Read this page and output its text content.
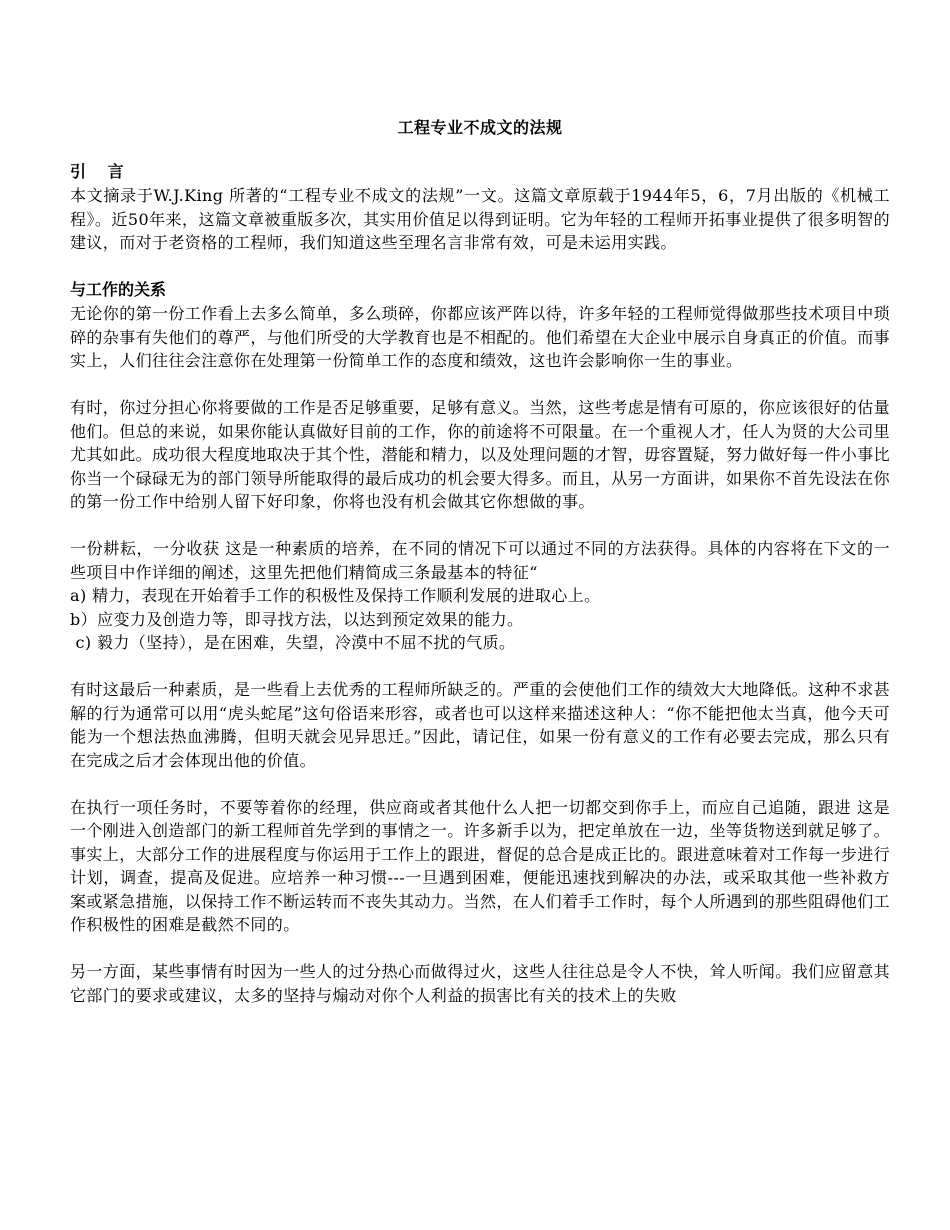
工程专业不成文的法规
引 言

本文摘录于W.J.King 所著的“工程专业不成文的法规”一文。这篇文章原载于1944年5，6，7月出版的《机械工程》。近50年来，这篇文章被重版多次，其实用价值足以得到证明。它为年轻的工程师开拓事业提供了很多明智的建议，而对于老资格的工程师，我们知道这些至理名言非常有效，可是未运用实践。

与工作的关系

无论你的第一份工作看上去多么简单，多么琐碎，你都应该严阵以待，许多年轻的工程师觉得做那些技术项目中琐碎的杂事有失他们的尊严，与他们所受的大学教育也是不相配的。他们希望在大企业中展示自身真正的价值。而事实上，人们往往会注意你在处理第一份简单工作的态度和绩效，这也许会影响你一生的事业。

有时，你过分担心你将要做的工作是否足够重要，足够有意义。当然，这些考虑是情有可原的，你应该很好的估量他们。但总的来说，如果你能认真做好目前的工作，你的前途将不可限量。在一个重视人才，任人为贤的大公司里尤其如此。成功很大程度地取决于其个性，潜能和精力，以及处理问题的才智，毋容置疑，努力做好每一件小事比你当一个碌碌无为的部门领导所能取得的最后成功的机会要大得多。而且，从另一方面讲，如果你不首先设法在你的第一份工作中给别人留下好印象，你将也没有机会做其它你想做的事。

一份耕耘，一分收获 这是一种素质的培养，在不同的情况下可以通过不同的方法获得。具体的内容将在下文的一些项目中作详细的阐述，这里先把他们精简成三条最基本的特征“

a) 精力，表现在开始着手工作的积极性及保持工作顺利发展的进取心上。

b）应变力及创造力等，即寻找方法，以达到预定效果的能力。

c) 毅力（坚持），是在困难，失望，冷漠中不屈不扰的气质。

有时这最后一种素质，是一些看上去优秀的工程师所缺乏的。严重的会使他们工作的绩效大大地降低。这种不求甚解的行为通常可以用“虎头蛇尾”这句俗语来形容，或者也可以这样来描述这种人：“你不能把他太当真，他今天可能为一个想法热血沸腾，但明天就会见异思迁。”因此，请记住，如果一份有意义的工作有必要去完成，那么只有在完成之后才会体现出他的价值。

在执行一项任务时，不要等着你的经理，供应商或者其他什么人把一切都交到你手上，而应自己追随，跟进 这是一个刚进入创造部门的新工程师首先学到的事情之一。许多新手以为，把定单放在一边，坐等货物送到就足够了。事实上，大部分工作的进展程度与你运用于工作上的跟进，督促的总合是成正比的。跟进意味着对工作每一步进行计划，调查，提高及促进。应培养一种习惯---一旦遇到困难，便能迅速找到解决的办法，或采取其他一些补救方案或紧急措施，以保持工作不断运转而不丧失其动力。当然，在人们着手工作时，每个人所遇到的那些阻碍他们工作积极性的困难是截然不同的。

另一方面，某些事情有时因为一些人的过分热心而做得过火，这些人往往总是令人不快，耸人听闻。我们应留意其它部门的要求或建议，太多的坚持与煽动对你个人利益的损害比有关的技术上的失败
